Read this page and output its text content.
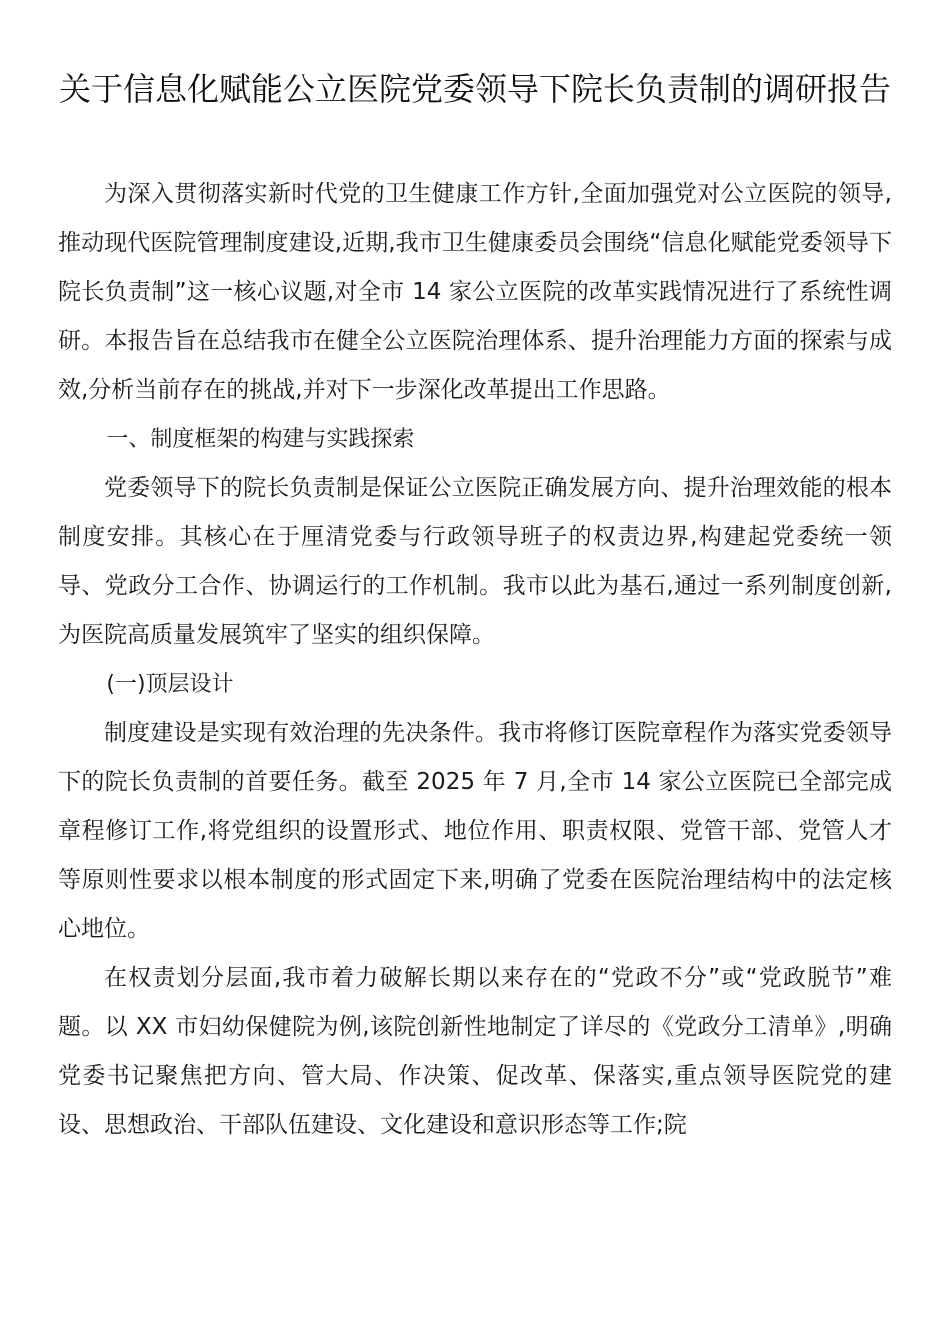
关于信息化赋能公立医院党委领导下院长负责制的调研报告

为深入贯彻落实新时代党的卫生健康工作方针,全面加强党对公立医院的领导,推动现代医院管理制度建设,近期,我市卫生健康委员会围绕“信息化赋能党委领导下院长负责制”这一核心议题,对全市 14 家公立医院的改革实践情况进行了系统性调研。本报告旨在总结我市在健全公立医院治理体系、提升治理能力方面的探索与成效,分析当前存在的挑战,并对下一步深化改革提出工作思路。

一、制度框架的构建与实践探索

党委领导下的院长负责制是保证公立医院正确发展方向、提升治理效能的根本制度安排。其核心在于厘清党委与行政领导班子的权责边界,构建起党委统一领导、党政分工合作、协调运行的工作机制。我市以此为基石,通过一系列制度创新,为医院高质量发展筑牢了坚实的组织保障。

(一)顶层设计

制度建设是实现有效治理的先决条件。我市将修订医院章程作为落实党委领导下的院长负责制的首要任务。截至 2025 年 7 月,全市 14 家公立医院已全部完成章程修订工作,将党组织的设置形式、地位作用、职责权限、党管干部、党管人才等原则性要求以根本制度的形式固定下来,明确了党委在医院治理结构中的法定核心地位。

在权责划分层面,我市着力破解长期以来存在的“党政不分”或“党政脱节”难题。以 XX 市妇幼保健院为例,该院创新性地制定了详尽的《党政分工清单》,明确党委书记聚焦把方向、管大局、作决策、促改革、保落实,重点领导医院党的建设、思想政治、干部队伍建设、文化建设和意识形态等工作;院
